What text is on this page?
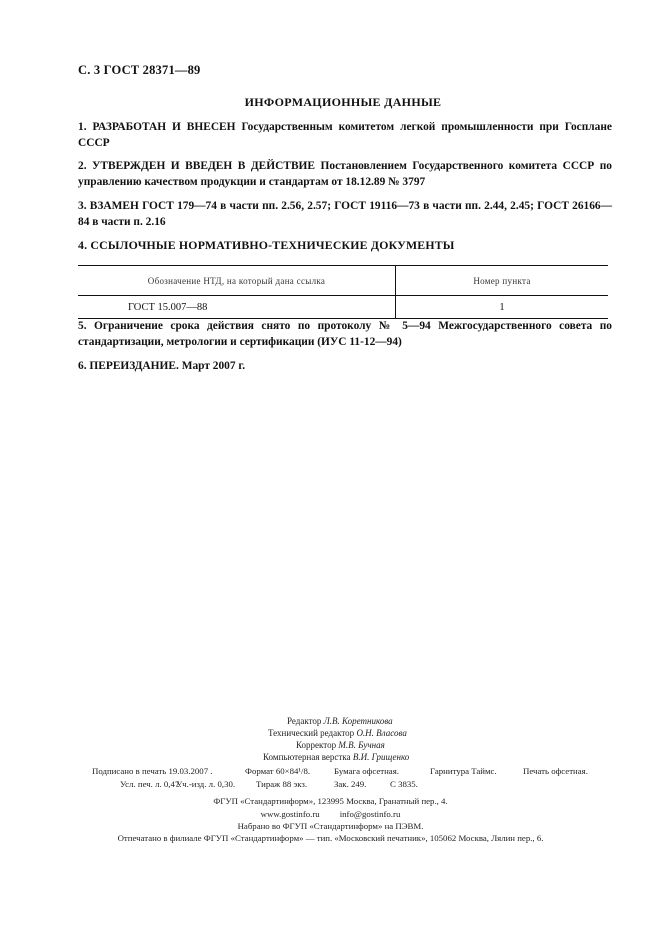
С. 3 ГОСТ 28371—89
ИНФОРМАЦИОННЫЕ ДАННЫЕ
1. РАЗРАБОТАН И ВНЕСЕН Государственным комитетом легкой промышленности при Госплане СССР
2. УТВЕРЖДЕН И ВВЕДЕН В ДЕЙСТВИЕ Постановлением Государственного комитета СССР по управлению качеством продукции и стандартам от 18.12.89 № 3797
3. ВЗАМЕН ГОСТ 179—74 в части пп. 2.56, 2.57; ГОСТ 19116—73 в части пп. 2.44, 2.45; ГОСТ 26166—84 в части п. 2.16
4. ССЫЛОЧНЫЕ НОРМАТИВНО-ТЕХНИЧЕСКИЕ ДОКУМЕНТЫ
Обозначение НТД, на который дана ссылка	Номер пункта
ГОСТ 15.007—88	1
5. Ограничение срока действия снято по протоколу № 5—94 Межгосударственного совета по стандартизации, метрологии и сертификации (ИУС 11-12—94)
6. ПЕРЕИЗДАНИЕ. Март 2007 г.
Редактор Л.В. Коретникова
Технический редактор О.Н. Власова
Корректор М.В. Бучная
Компьютерная верстка В.И. Грищенко
Подписано в печать 19.03.2007 .	Формат 60×84¹/8.	Бумага офсетная.	Гарнитура Таймс.	Печать офсетная.
Усл. печ. л. 0,47.
Уч.-изд. л. 0,30. Тираж 88 экз.	Зак. 249.	С 3835.
ФГУП «Стандартинформ», 123995 Москва, Гранатный пер., 4.
www.gostinfo.ru info@gostinfo.ru
Набрано во ФГУП «Стандартинформ» на ПЭВМ.
Отпечатано в филиале ФГУП «Стандартинформ» — тип. «Московский печатник», 105062 Москва, Лялин пер., 6.
